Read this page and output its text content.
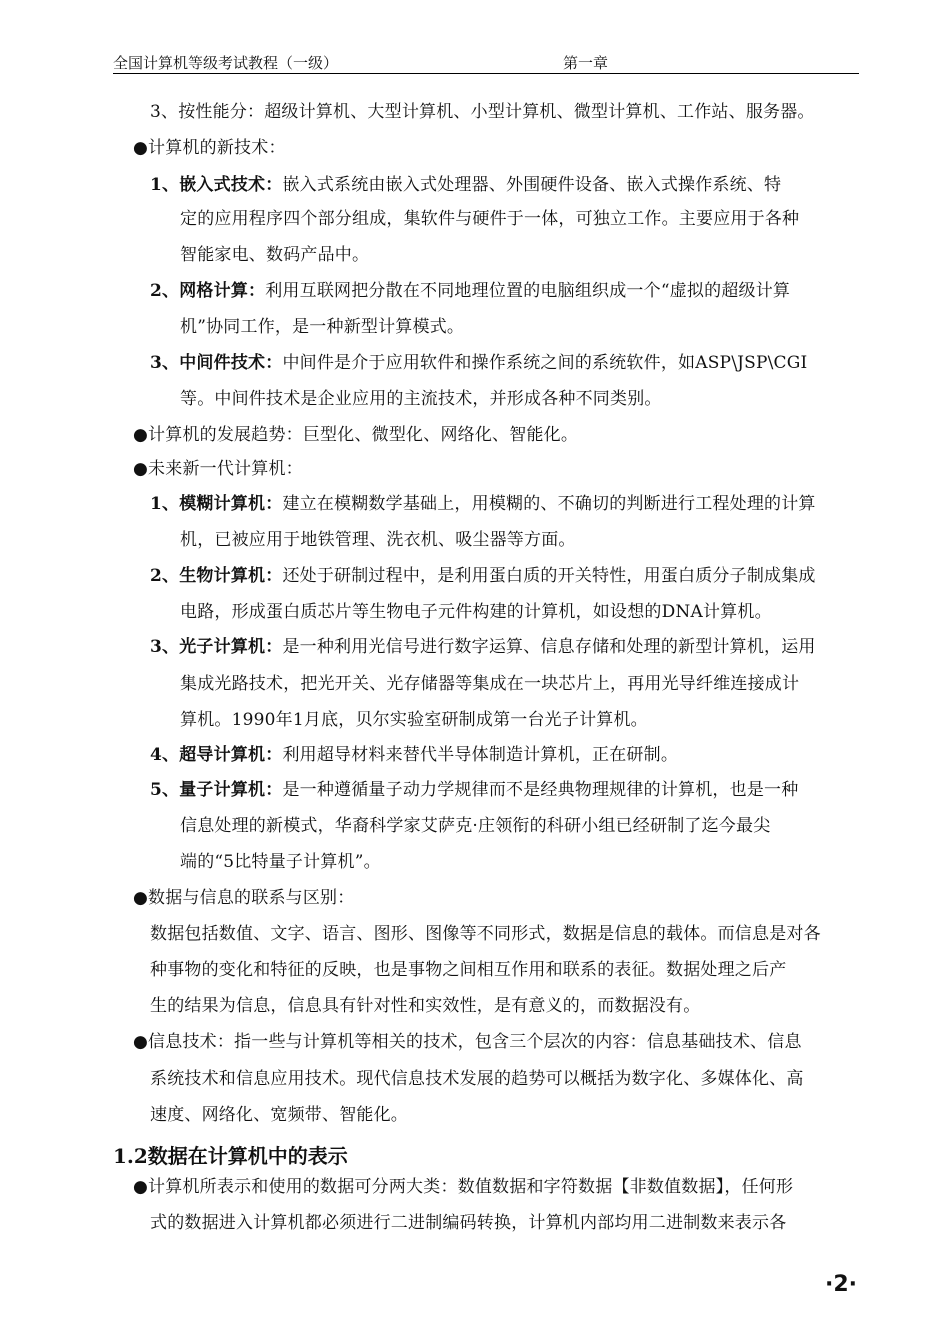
全国计算机等级考试教程（一级）	第一章
3、按性能分：超级计算机、大型计算机、小型计算机、微型计算机、工作站、服务器。
●计算机的新技术：
1、嵌入式技术：嵌入式系统由嵌入式处理器、外围硬件设备、嵌入式操作系统、特
定的应用程序四个部分组成，集软件与硬件于一体，可独立工作。主要应用于各种
智能家电、数码产品中。
2、网格计算：利用互联网把分散在不同地理位置的电脑组织成一个“虚拟的超级计算
机”协同工作，是一种新型计算模式。
3、中间件技术：中间件是介于应用软件和操作系统之间的系统软件，如ASP\JSP\CGI
等。中间件技术是企业应用的主流技术，并形成各种不同类别。
●计算机的发展趋势：巨型化、微型化、网络化、智能化。
●未来新一代计算机：
1、模糊计算机：建立在模糊数学基础上，用模糊的、不确切的判断进行工程处理的计算
机，已被应用于地铁管理、洗衣机、吸尘器等方面。
2、生物计算机：还处于研制过程中，是利用蛋白质的开关特性，用蛋白质分子制成集成
电路，形成蛋白质芯片等生物电子元件构建的计算机，如设想的DNA计算机。
3、光子计算机：是一种利用光信号进行数字运算、信息存储和处理的新型计算机，运用
集成光路技术，把光开关、光存储器等集成在一块芯片上，再用光导纤维连接成计
算机。1990年1月底，贝尔实验室研制成第一台光子计算机。
4、超导计算机：利用超导材料来替代半导体制造计算机，正在研制。
5、量子计算机：是一种遵循量子动力学规律而不是经典物理规律的计算机，也是一种
信息处理的新模式，华裔科学家艾萨克·庄领衔的科研小组已经研制了迄今最尖
端的“5比特量子计算机”。
●数据与信息的联系与区别：
数据包括数值、文字、语言、图形、图像等不同形式，数据是信息的载体。而信息是对各
种事物的变化和特征的反映，也是事物之间相互作用和联系的表征。数据处理之后产
生的结果为信息，信息具有针对性和实效性，是有意义的，而数据没有。
●信息技术：指一些与计算机等相关的技术，包含三个层次的内容：信息基础技术、信息
系统技术和信息应用技术。现代信息技术发展的趋势可以概括为数字化、多媒体化、高
速度、网络化、宽频带、智能化。
1.2数据在计算机中的表示
●计算机所表示和使用的数据可分两大类：数值数据和字符数据【非数值数据】，任何形
式的数据进入计算机都必须进行二进制编码转换，计算机内部均用二进制数来表示各
·2·
